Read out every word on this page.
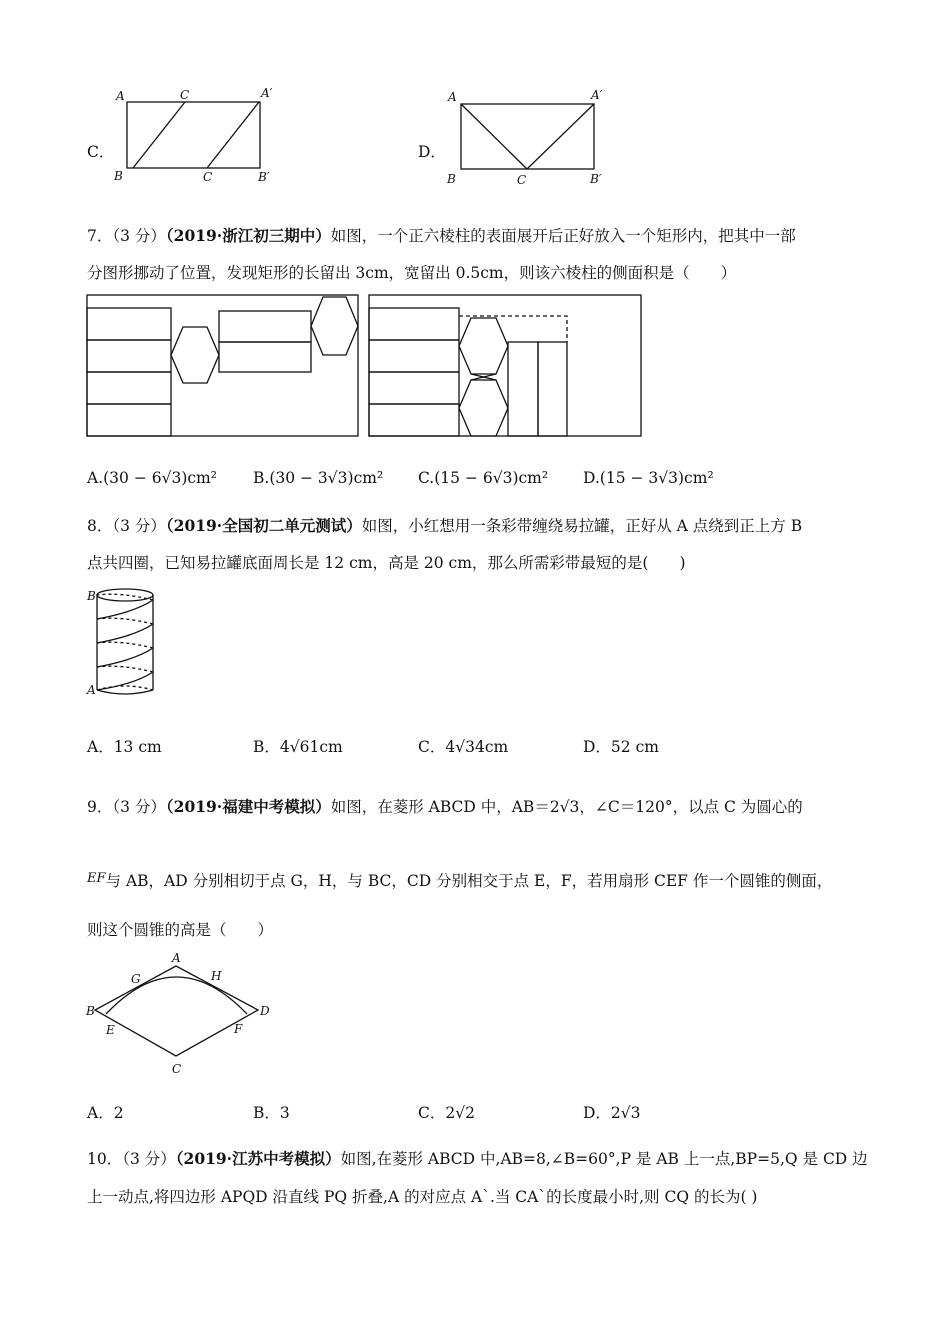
C．
A	C	A′
B	C	B′
D．
A	A′
B	C	B′
7．（3 分）（2019·浙江初三期中）如图，一个正六棱柱的表面展开后正好放入一个矩形内，把其中一部
分图形挪动了位置，发现矩形的长留出 3cm，宽留出 0.5cm，则该六棱柱的侧面积是（　　）
A.(30 − 6√3)cm² B.(30 − 3√3)cm² C.(15 − 6√3)cm² D.(15 − 3√3)cm²
8．（3 分）（2019·全国初二单元测试）如图，小红想用一条彩带缠绕易拉罐，正好从 A 点绕到正上方 B
点共四圈，已知易拉罐底面周长是 12 cm，高是 20 cm，那么所需彩带最短的是(　　)
B
A
A．13 cm	B．4√61cm	C．4√34cm	D．52 cm
9．（3 分）（2019·福建中考模拟）如图，在菱形 ABCD 中，AB＝2√3，∠C＝120°，以点 C 为圆心的
$^{EF}$与 AB，AD 分别相切于点 G，H，与 BC，CD 分别相交于点 E，F，若用扇形 CEF 作一个圆锥的侧面，
则这个圆锥的高是（　　）
A
G	H
B	D
E	F
C
A．2	B．3	C．2√2	D．2√3
10．（3 分）（2019·江苏中考模拟）如图,在菱形 ABCD 中,AB=8,∠B=60°,P 是 AB 上一点,BP=5,Q 是 CD 边
上一动点,将四边形 APQD 沿直线 PQ 折叠,A 的对应点 A`.当 CA`的长度最小时,则 CQ 的长为( )
